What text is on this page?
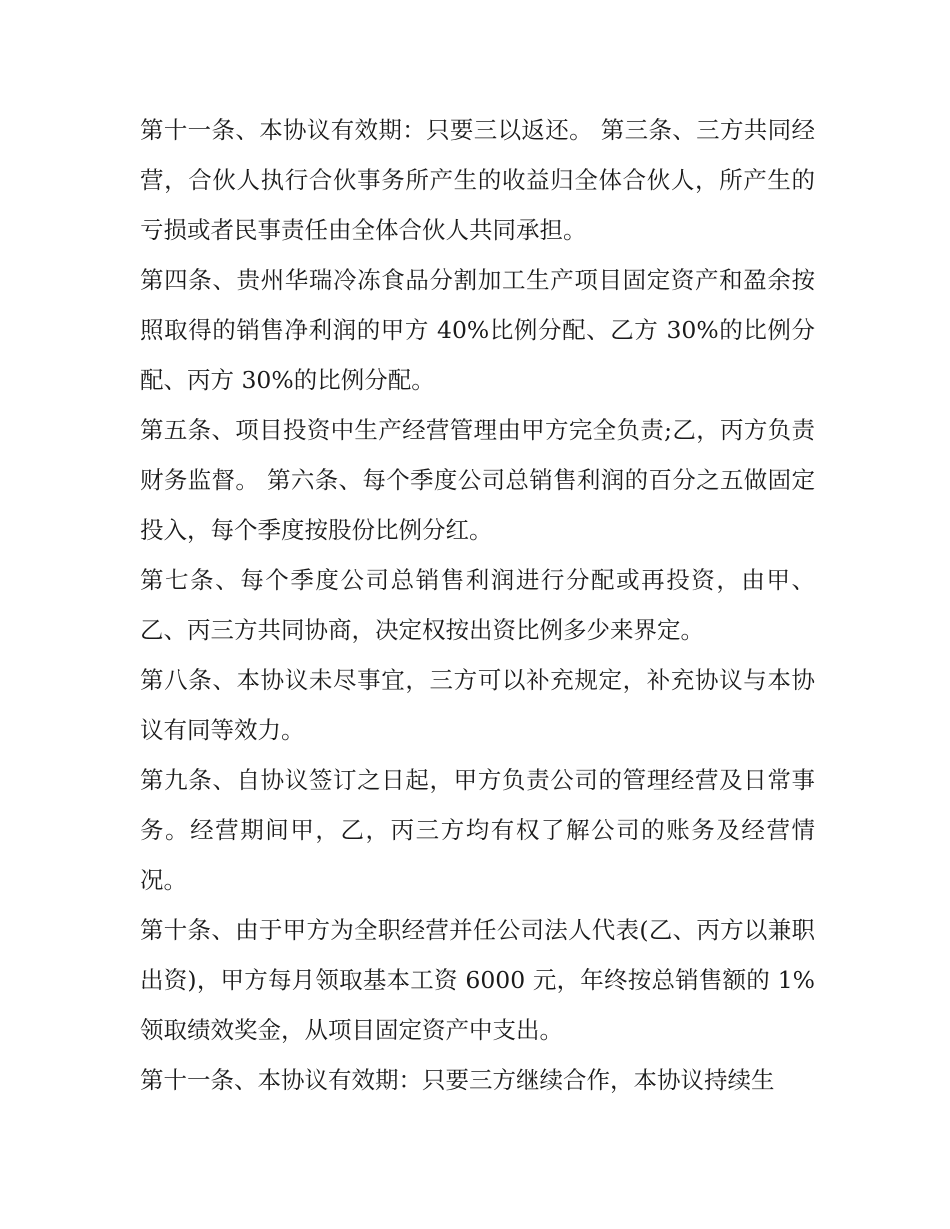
第十一条、本协议有效期：只要三以返还。 第三条、三方共同经营，合伙人执行合伙事务所产生的收益归全体合伙人，所产生的亏损或者民事责任由全体合伙人共同承担。

第四条、贵州华瑞冷冻食品分割加工生产项目固定资产和盈余按照取得的销售净利润的甲方 40%比例分配、乙方 30%的比例分配、丙方 30%的比例分配。

第五条、项目投资中生产经营管理由甲方完全负责;乙，丙方负责财务监督。 第六条、每个季度公司总销售利润的百分之五做固定投入，每个季度按股份比例分红。

第七条、每个季度公司总销售利润进行分配或再投资，由甲、乙、丙三方共同协商，决定权按出资比例多少来界定。

第八条、本协议未尽事宜，三方可以补充规定，补充协议与本协议有同等效力。

第九条、自协议签订之日起，甲方负责公司的管理经营及日常事务。经营期间甲，乙，丙三方均有权了解公司的账务及经营情况。

第十条、由于甲方为全职经营并任公司法人代表(乙、丙方以兼职出资)，甲方每月领取基本工资 6000 元，年终按总销售额的 1%领取绩效奖金，从项目固定资产中支出。

第十一条、本协议有效期：只要三方继续合作，本协议持续生
